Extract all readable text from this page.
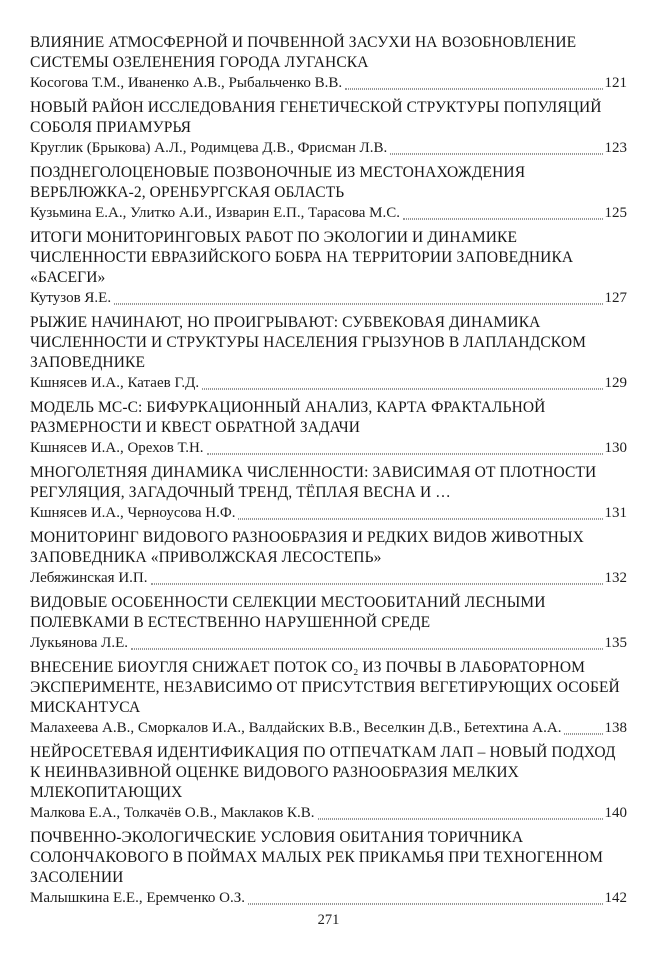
ВЛИЯНИЕ АТМОСФЕРНОЙ И ПОЧВЕННОЙ ЗАСУХИ НА ВОЗОБНОВЛЕНИЕ СИСТЕМЫ ОЗЕЛЕНЕНИЯ ГОРОДА ЛУГАНСКА
Косогова Т.М., Иваненко А.В., Рыбальченко В.В.	121
НОВЫЙ РАЙОН ИССЛЕДОВАНИЯ ГЕНЕТИЧЕСКОЙ СТРУКТУРЫ ПОПУЛЯЦИЙ СОБОЛЯ ПРИАМУРЬЯ
Круглик (Брыкова) А.Л., Родимцева Д.В., Фрисман Л.В.	123
ПОЗДНЕГОЛОЦЕНОВЫЕ ПОЗВОНОЧНЫЕ ИЗ МЕСТОНАХОЖДЕНИЯ ВЕРБЛЮЖКА-2, ОРЕНБУРГСКАЯ ОБЛАСТЬ
Кузьмина Е.А., Улитко А.И., Изварин Е.П., Тарасова М.С.	125
ИТОГИ МОНИТОРИНГОВЫХ РАБОТ ПО ЭКОЛОГИИ И ДИНАМИКЕ ЧИСЛЕННОСТИ ЕВРАЗИЙСКОГО БОБРА НА ТЕРРИТОРИИ ЗАПОВЕДНИКА «БАСЕГИ»
Кутузов Я.Е.	127
РЫЖИЕ НАЧИНАЮТ, НО ПРОИГРЫВАЮТ: СУБВЕКОВАЯ ДИНАМИКА ЧИСЛЕННОСТИ И СТРУКТУРЫ НАСЕЛЕНИЯ ГРЫЗУНОВ В ЛАПЛАНДСКОМ ЗАПОВЕДНИКЕ
Кшнясев И.А., Катаев Г.Д.	129
МОДЕЛЬ МС-С: БИФУРКАЦИОННЫЙ АНАЛИЗ, КАРТА ФРАКТАЛЬНОЙ РАЗМЕРНОСТИ И КВЕСТ ОБРАТНОЙ ЗАДАЧИ
Кшнясев И.А., Орехов Т.Н.	130
МНОГОЛЕТНЯЯ ДИНАМИКА ЧИСЛЕННОСТИ: ЗАВИСИМАЯ ОТ ПЛОТНОСТИ РЕГУЛЯЦИЯ, ЗАГАДОЧНЫЙ ТРЕНД, ТЁПЛАЯ ВЕСНА И …
Кшнясев И.А., Черноусова Н.Ф.	131
МОНИТОРИНГ ВИДОВОГО РАЗНООБРАЗИЯ И РЕДКИХ ВИДОВ ЖИВОТНЫХ ЗАПОВЕДНИКА «ПРИВОЛЖСКАЯ ЛЕСОСТЕПЬ»
Лебяжинская И.П.	132
ВИДОВЫЕ ОСОБЕННОСТИ СЕЛЕКЦИИ МЕСТООБИТАНИЙ ЛЕСНЫМИ ПОЛЕВКАМИ В ЕСТЕСТВЕННО НАРУШЕННОЙ СРЕДЕ
Лукьянова Л.Е.	135
ВНЕСЕНИЕ БИОУГЛЯ СНИЖАЕТ ПОТОК СО₂ ИЗ ПОЧВЫ В ЛАБОРАТОРНОМ ЭКСПЕРИМЕНТЕ, НЕЗАВИСИМО ОТ ПРИСУТСТВИЯ ВЕГЕТИРУЮЩИХ ОСОБЕЙ МИСКАНТУСА
Малахеева А.В., Сморкалов И.А., Валдайских В.В., Веселкин Д.В., Бетехтина А.А.	138
НЕЙРОСЕТЕВАЯ ИДЕНТИФИКАЦИЯ ПО ОТПЕЧАТКАМ ЛАП – НОВЫЙ ПОДХОД К НЕИНВАЗИВНОЙ ОЦЕНКЕ ВИДОВОГО РАЗНООБРАЗИЯ МЕЛКИХ МЛЕКОПИТАЮЩИХ
Малкова Е.А., Толкачёв О.В., Маклаков К.В.	140
ПОЧВЕННО-ЭКОЛОГИЧЕСКИЕ УСЛОВИЯ ОБИТАНИЯ ТОРИЧНИКА СОЛОНЧАКОВОГО В ПОЙМАХ МАЛЫХ РЕК ПРИКАМЬЯ ПРИ ТЕХНОГЕННОМ ЗАСОЛЕНИИ
Малышкина Е.Е., Еремченко О.З.	142
271
